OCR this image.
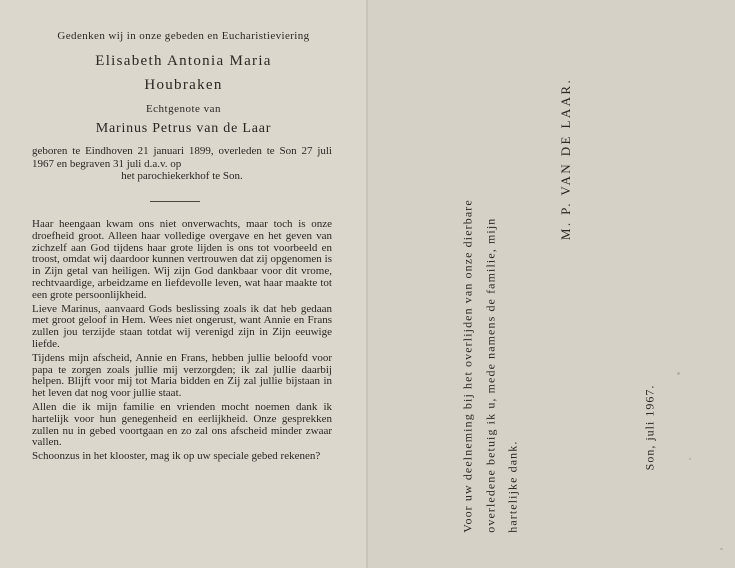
Gedenken wij in onze gebeden en Eucharistieviering
Elisabeth Antonia Maria
Houbraken
Echtgenote van
Marinus Petrus van de Laar
geboren te Eindhoven 21 januari 1899, overleden te Son 27 juli 1967 en begraven 31 juli d.a.v. op
het parochiekerkhof te Son.

Haar heengaan kwam ons niet onverwachts, maar toch is onze droefheid groot. Alleen haar volledige overgave en het geven van zichzelf aan God tijdens haar grote lijden is ons tot voorbeeld en troost, omdat wij daardoor kunnen vertrouwen dat zij opgenomen is in Zijn getal van heiligen. Wij zijn God dankbaar voor dit vrome, rechtvaardige, arbeidzame en liefdevolle leven, wat haar maakte tot een grote persoonlijkheid.

Lieve Marinus, aanvaard Gods beslissing zoals ik dat heb gedaan met groot geloof in Hem. Wees niet ongerust, want Annie en Frans zullen jou terzijde staan totdat wij verenigd zijn in Zijn eeuwige liefde.

Tijdens mijn afscheid, Annie en Frans, hebben jullie beloofd voor papa te zorgen zoals jullie mij verzorgden; ik zal jullie daarbij helpen. Blijft voor mij tot Maria bidden en Zij zal jullie bijstaan in het leven dat nog voor jullie staat.

Allen die ik mijn familie en vrienden mocht noemen dank ik hartelijk voor hun genegenheid en eerlijkheid. Onze gesprekken zullen nu in gebed voortgaan en zo zal ons afscheid minder zwaar vallen.

Schoonzus in het klooster, mag ik op uw speciale gebed rekenen?	Voor uw deelneming bij het overlijden van onze dierbare overledene betuig ik u, mede namens de familie, mijn hartelijke dank.
M. P. VAN DE LAAR.
Son, juli 1967.
